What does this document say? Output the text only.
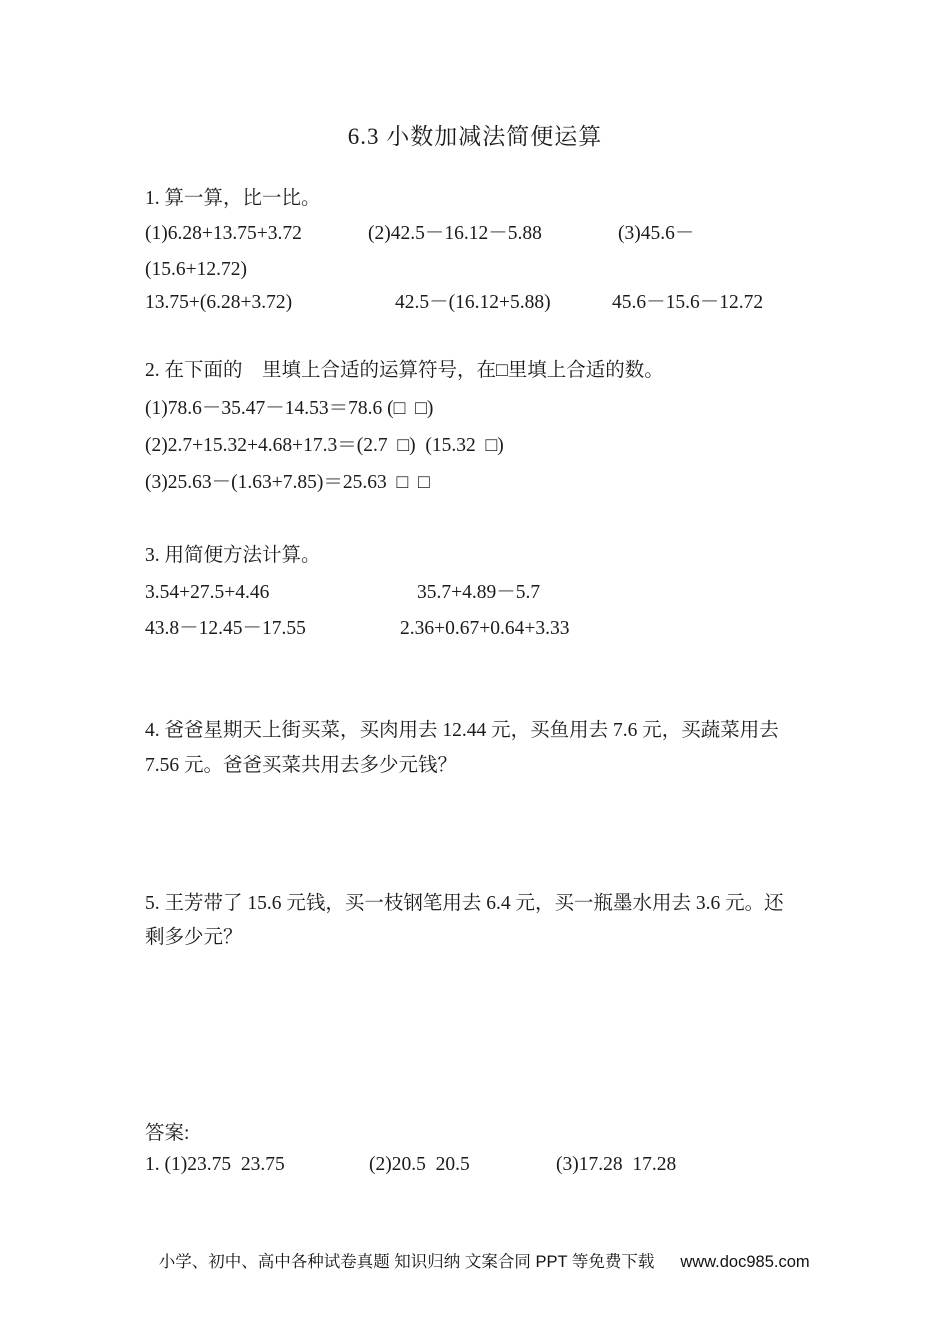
6.3 小数加减法简便运算
1. 算一算，比一比。
(1)6.28+13.75+3.72	(2)42.5－16.12－5.88	(3)45.6－
(15.6+12.72)
13.75+(6.28+3.72)	42.5－(16.12+5.88)	45.6－15.6－12.72
2. 在下面的　里填上合适的运算符号，在□里填上合适的数。
(1)78.6－35.47－14.53＝78.6 (□  □)
(2)2.7+15.32+4.68+17.3＝(2.7  □)  (15.32  □)
(3)25.63－(1.63+7.85)＝25.63  □  □
3. 用简便方法计算。
3.54+27.5+4.46	35.7+4.89－5.7
43.8－12.45－17.55	2.36+0.67+0.64+3.33
4. 爸爸星期天上街买菜，买肉用去 12.44 元，买鱼用去 7.6 元，买蔬菜用去
7.56 元。爸爸买菜共用去多少元钱？
5. 王芳带了 15.6 元钱，买一枝钢笔用去 6.4 元，买一瓶墨水用去 3.6 元。还
剩多少元？
答案:
1. (1)23.75  23.75	(2)20.5  20.5	(3)17.28  17.28

小学、初中、高中各种试卷真题 知识归纳 文案合同 PPT 等免费下载 www.doc985.com
